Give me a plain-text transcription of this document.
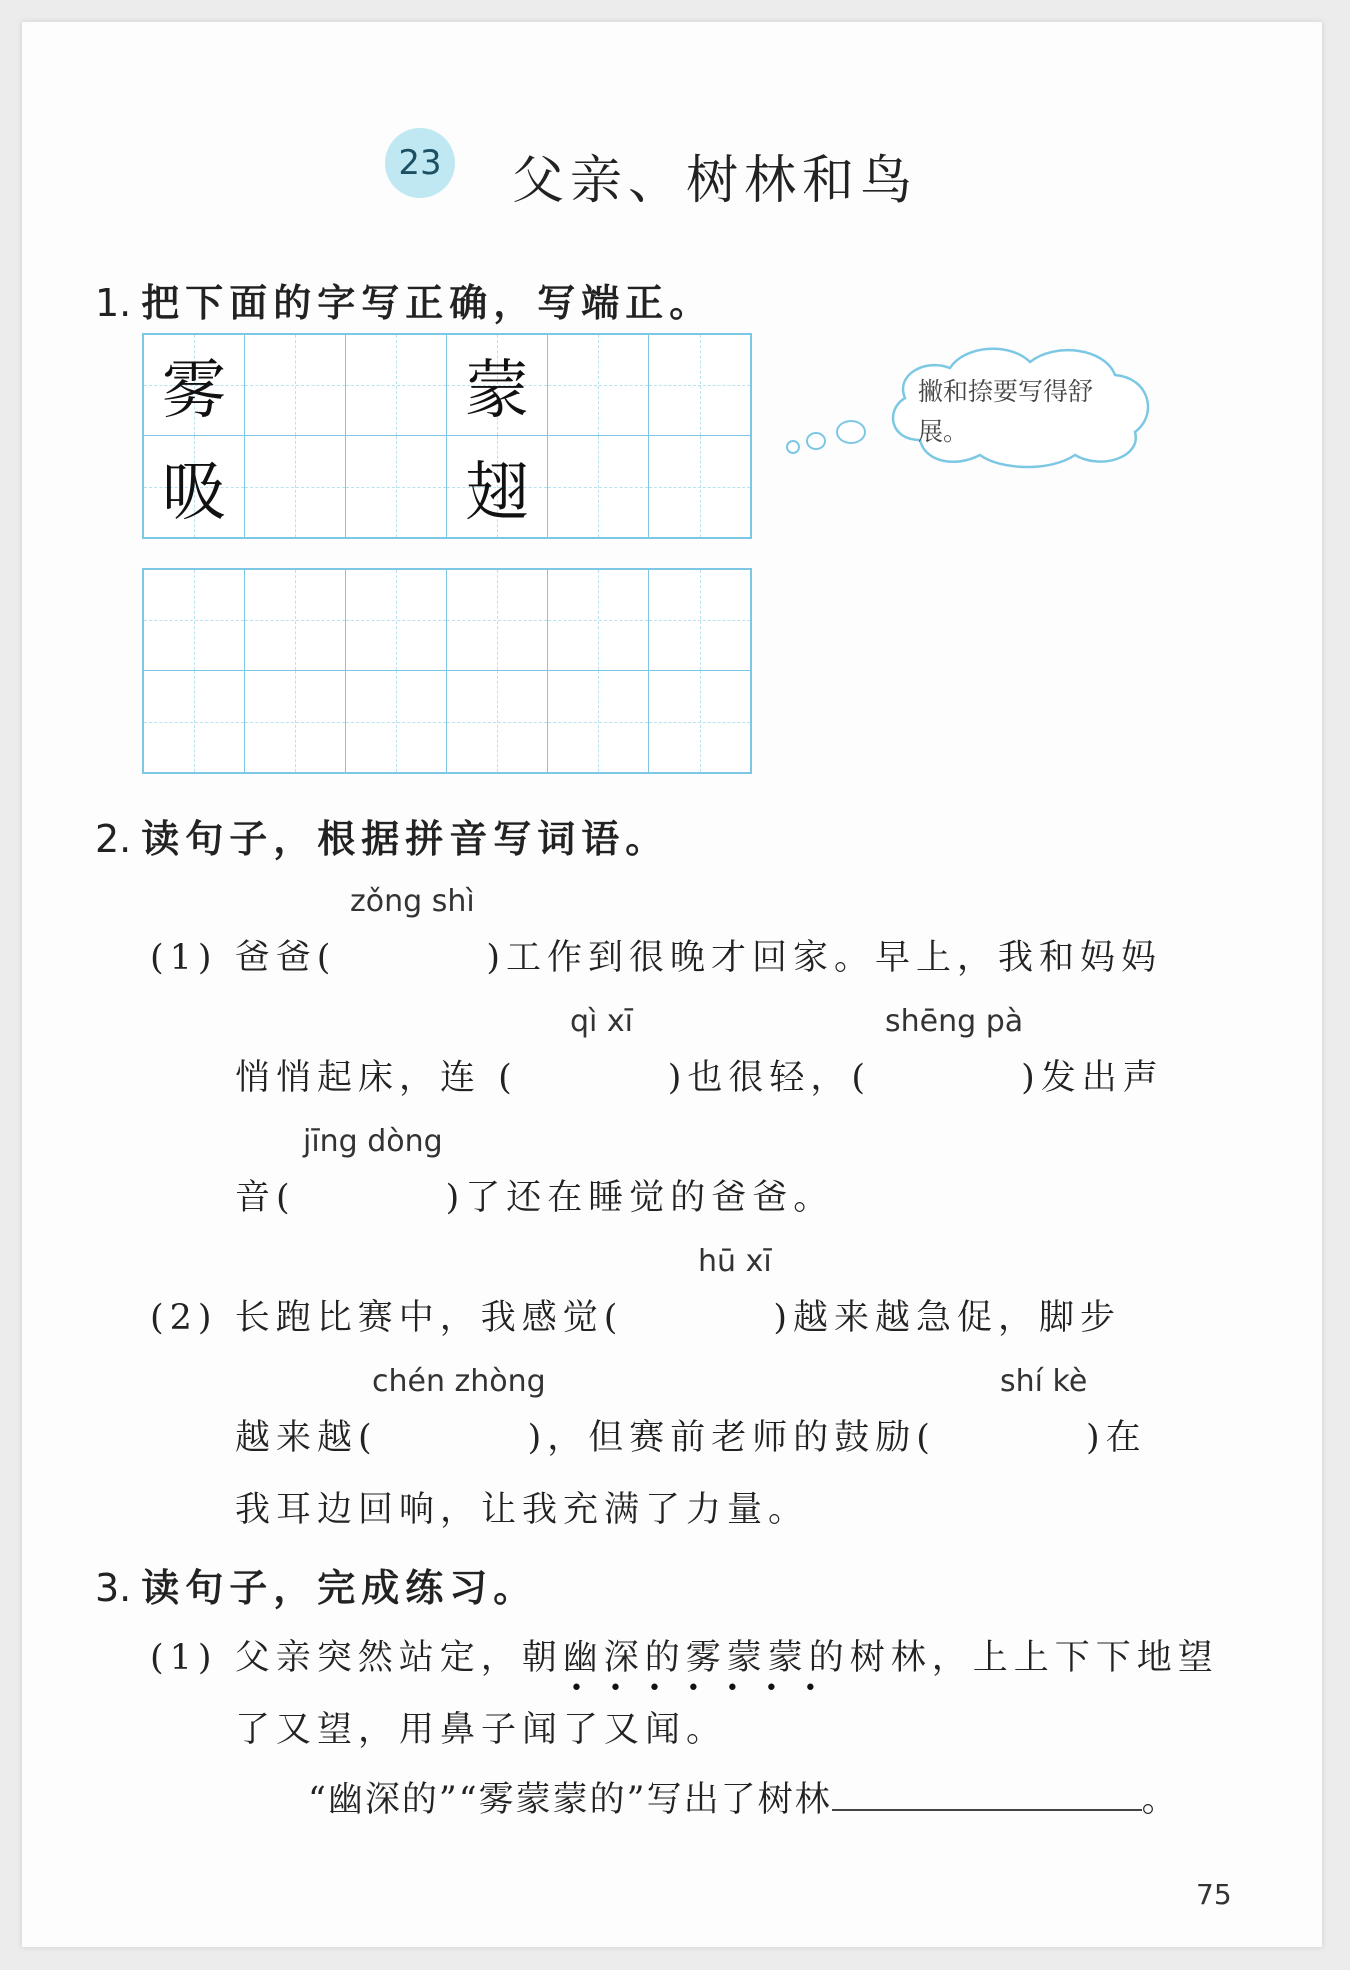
23 父亲、树林和鸟
1. 把下面的字写正确，写端正。
雾	蒙
吸	翅
撇和捺要写得舒展。
2. 读句子，根据拼音写词语。
zǒng shì
(1) 爸爸(	)工作到很晚才回家。早上，我和妈妈
qì xī	shēng pà
悄悄起床，连 (	)也很轻，(	)发出声
jīng dòng
音(	)了还在睡觉的爸爸。
hū xī
(2) 长跑比赛中，我感觉(	)越来越急促，脚步
chén zhòng	shí kè
越来越(	)，但赛前老师的鼓励(	)在
我耳边回响，让我充满了力量。
3. 读句子，完成练习。
(1) 父亲突然站定，朝幽深的雾蒙蒙的树林，上上下下地望
•••••••
了又望，用鼻子闻了又闻。
“幽深的”“雾蒙蒙的”写出了树林	。
75
